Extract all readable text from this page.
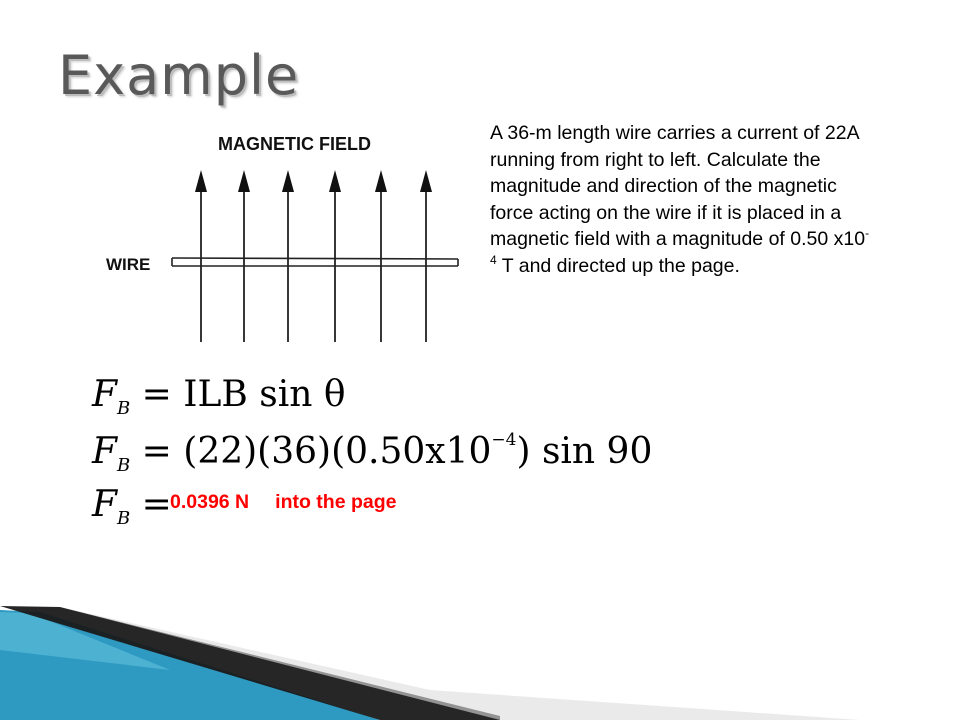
Example
MAGNETIC FIELD
WIRE
A 36-m length wire carries a current of 22A running from right to left. Calculate the magnitude and direction of the magnetic force acting on the wire if it is placed in a magnetic field with a magnitude of 0.50 $x10^{-4}$ T and directed up the page.
$F_B$ = ILB sin θ
$F_B = (22)(36)(0.50x10^{-4})$ sin 90
$F_B$ =
0.0396 N into the page
